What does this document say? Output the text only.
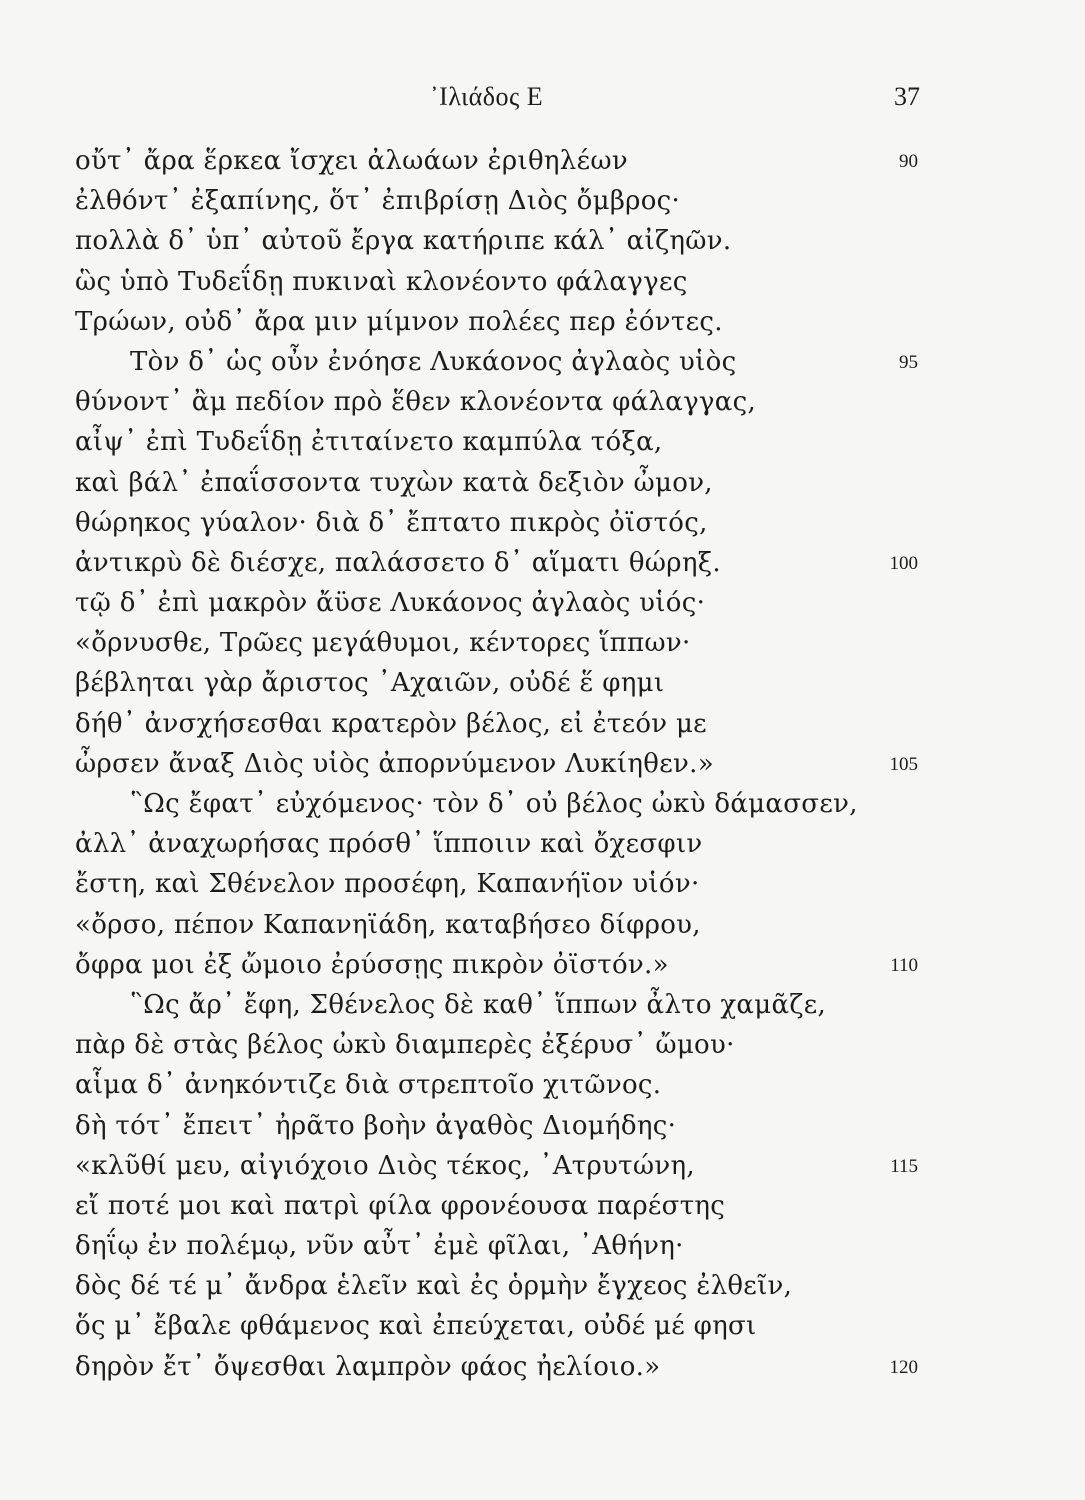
᾿Ιλιάδος Ε	37
οὔτ᾿ ἄρα ἕρκεα ἴσχει ἀλωάων ἐριθηλέων	90
ἐλθόντ᾿ ἐξαπίνης, ὅτ᾿ ἐπιβρίσῃ Διὸς ὄμβρος·
πολλὰ δ᾿ ὑπ᾿ αὐτοῦ ἔργα κατήριπε κάλ᾿ αἰζηῶν.
ὣς ὑπὸ Τυδεΐδῃ πυκιναὶ κλονέοντο φάλαγγες
Τρώων, οὐδ᾿ ἄρα μιν μίμνον πολέες περ ἐόντες.
Τὸν δ᾿ ὡς οὖν ἐνόησε Λυκάονος ἀγλαὸς υἱὸς	95
θύνοντ᾿ ἂμ πεδίον πρὸ ἕθεν κλονέοντα φάλαγγας,
αἶψ᾿ ἐπὶ Τυδεΐδῃ ἐτιταίνετο καμπύλα τόξα,
καὶ βάλ᾿ ἐπαΐσσοντα τυχὼν κατὰ δεξιὸν ὦμον,
θώρηκος γύαλον· διὰ δ᾿ ἔπτατο πικρὸς ὀϊστός,
ἀντικρὺ δὲ διέσχε, παλάσσετο δ᾿ αἵματι θώρηξ.	100
τῷ δ᾿ ἐπὶ μακρὸν ἄϋσε Λυκάονος ἀγλαὸς υἱός·
«ὄρνυσθε, Τρῶες μεγάθυμοι, κέντορες ἵππων·
βέβληται γὰρ ἄριστος ᾿Αχαιῶν, οὐδέ ἕ φημι
δήθ᾿ ἀνσχήσεσθαι κρατερὸν βέλος, εἰ ἐτεόν με
ὦρσεν ἄναξ Διὸς υἱὸς ἀπορνύμενον Λυκίηθεν.»	105
῝Ως ἔφατ᾿ εὐχόμενος· τὸν δ᾿ οὐ βέλος ὠκὺ δάμασσεν,
ἀλλ᾿ ἀναχωρήσας πρόσθ᾿ ἵπποιιν καὶ ὄχεσφιν
ἔστη, καὶ Σθένελον προσέφη, Καπανήϊον υἱόν·
«ὄρσο, πέπον Καπανηϊάδη, καταβήσεο δίφρου,
ὄφρα μοι ἐξ ὤμοιο ἐρύσσῃς πικρὸν ὀϊστόν.»	110
῝Ως ἄρ᾿ ἔφη, Σθένελος δὲ καθ᾿ ἵππων ἆλτο χαμᾶζε,
πὰρ δὲ στὰς βέλος ὠκὺ διαμπερὲς ἐξέρυσ᾿ ὤμου·
αἷμα δ᾿ ἀνηκόντιζε διὰ στρεπτοῖο χιτῶνος.
δὴ τότ᾿ ἔπειτ᾿ ἠρᾶτο βοὴν ἀγαθὸς Διομήδης·
«κλῦθί μευ, αἰγιόχοιο Διὸς τέκος, ᾿Ατρυτώνη,	115
εἴ ποτέ μοι καὶ πατρὶ φίλα φρονέουσα παρέστης
δηΐῳ ἐν πολέμῳ, νῦν αὖτ᾿ ἐμὲ φῖλαι, ᾿Αθήνη·
δὸς δέ τέ μ᾿ ἄνδρα ἑλεῖν καὶ ἐς ὁρμὴν ἔγχεος ἐλθεῖν,
ὅς μ᾿ ἔβαλε φθάμενος καὶ ἐπεύχεται, οὐδέ μέ φησι
δηρὸν ἔτ᾿ ὄψεσθαι λαμπρὸν φάος ἠελίοιο.»	120
